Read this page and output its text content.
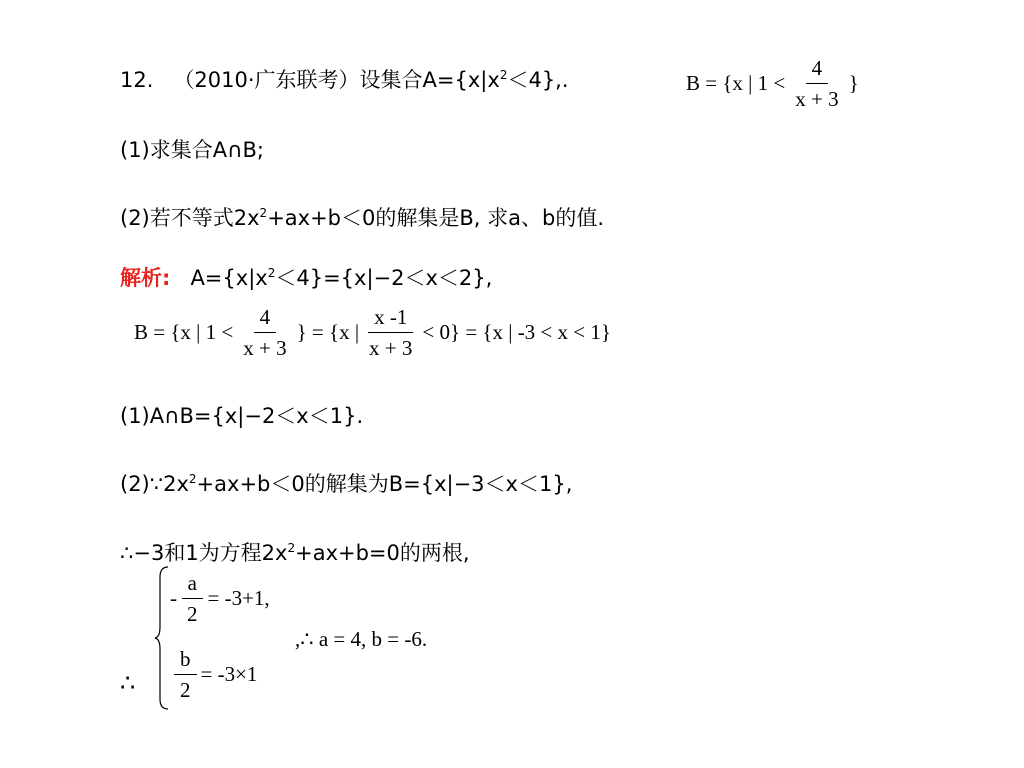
12. （2010·广东联考）设集合$A=\{x|x^2<4\}$,.	B = {x | $1 < \frac{4}{x + 3}$ }
(1)求集合A∩B;
(2)若不等式$2x^2+ax+b<0$的解集是B, 求a、b的值.
解析: $A=\{x|x^2<4\}=\{x|-2<x<2\}$,
B = {x | $1 < \frac{4}{x + 3}$ } = {x | $\frac{x -1}{x + 3} < 0\} = \{x$ | -3 < x < 1}
(1)A∩B={x|−2＜x＜1}.
$(2)\because 2x^2+ax+b<0$的解集为B={x|−3＜x＜1},
∴−3和1为方程$2x^2+ax+b=0$的两根,
∴
- $\frac{a}{2} = -3+1$,
$\frac{b}{2} = -3\times 1$
,∴ a = 4, b = -6.
